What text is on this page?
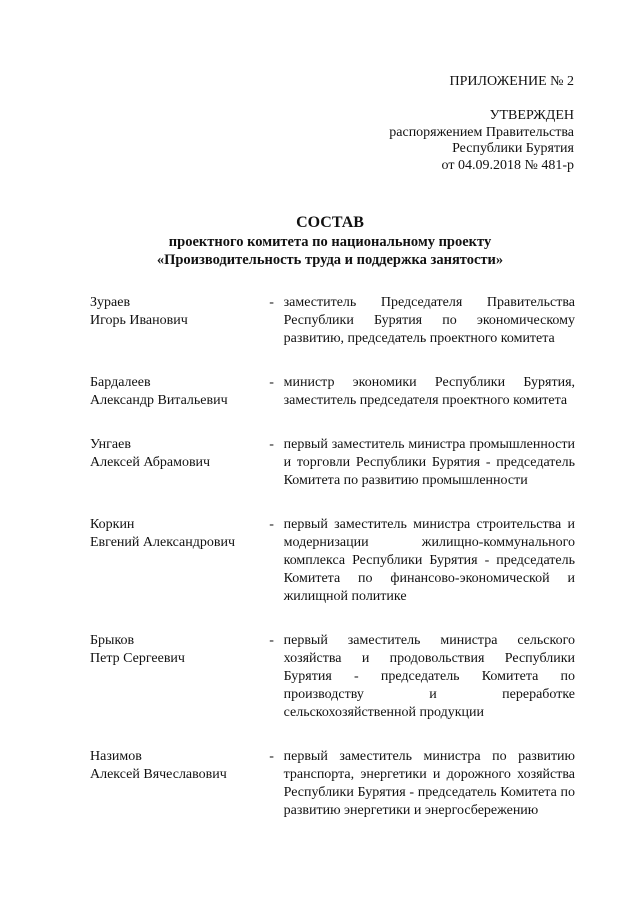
ПРИЛОЖЕНИЕ № 2
УТВЕРЖДЕН
распоряжением Правительства
Республики Бурятия
от 04.09.2018 № 481-р
СОСТАВ
проектного комитета по национальному проекту
«Производительность труда и поддержка занятости»
Зураев
Игорь Иванович
- заместитель Председателя Правительства Республики Бурятия по экономическому развитию, председатель проектного комитета
Бардалеев
Александр Витальевич
- министр экономики Республики Бурятия, заместитель председателя проектного комитета
Унгаев
Алексей Абрамович
- первый заместитель министра промышленности и торговли Республики Бурятия - председатель Комитета по развитию промышленности
Коркин
Евгений Александрович
- первый заместитель министра строительства и модернизации жилищно-коммунального комплекса Республики Бурятия - председатель Комитета по финансово-экономической и жилищной политике
Брыков
Петр Сергеевич
- первый заместитель министра сельского хозяйства и продовольствия Республики Бурятия - председатель Комитета по производству и переработке сельскохозяйственной продукции
Назимов
Алексей Вячеславович
- первый заместитель министра по развитию транспорта, энергетики и дорожного хозяйства Республики Бурятия - председатель Комитета по развитию энергетики и энергосбережению
